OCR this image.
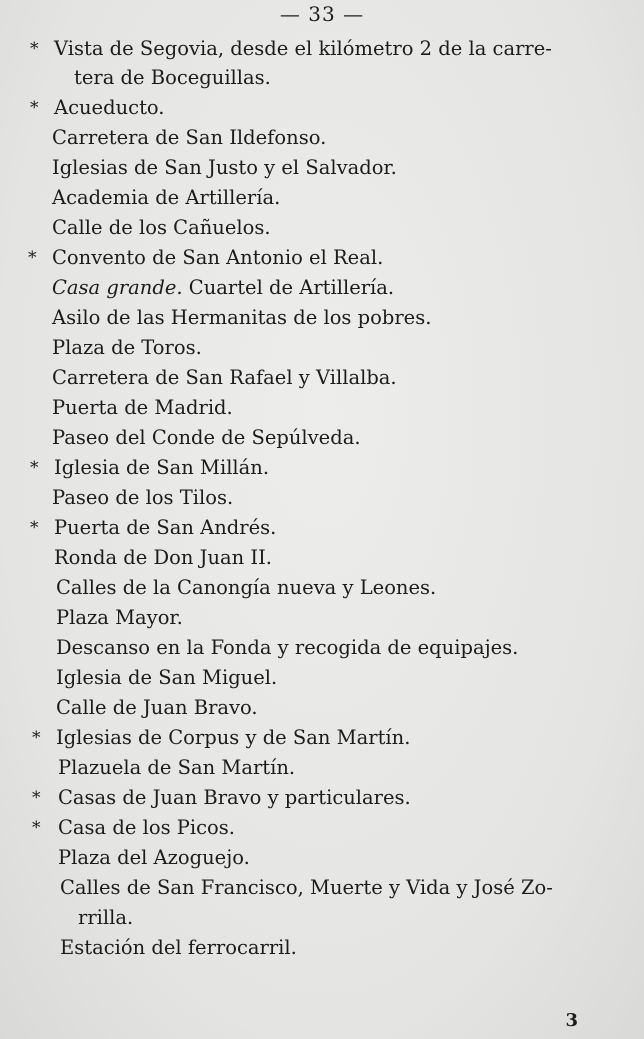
— 33 —
* Vista de Segovia, desde el kilómetro 2 de la carre-
tera de Boceguillas.
* Acueducto.
Carretera de San Ildefonso.
Iglesias de San Justo y el Salvador.
Academia de Artillería.
Calle de los Cañuelos.
* Convento de San Antonio el Real.
Casa grande. Cuartel de Artillería.
Asilo de las Hermanitas de los pobres.
Plaza de Toros.
Carretera de San Rafael y Villalba.
Puerta de Madrid.
Paseo del Conde de Sepúlveda.
* Iglesia de San Millán.
Paseo de los Tilos.
* Puerta de San Andrés.
Ronda de Don Juan II.
Calles de la Canongía nueva y Leones.
Plaza Mayor.
Descanso en la Fonda y recogida de equipajes.
Iglesia de San Miguel.
Calle de Juan Bravo.
* Iglesias de Corpus y de San Martín.
Plazuela de San Martín.
* Casas de Juan Bravo y particulares.
* Casa de los Picos.
Plaza del Azoguejo.
Calles de San Francisco, Muerte y Vida y José Zo-
rrilla.
Estación del ferrocarril.
3
